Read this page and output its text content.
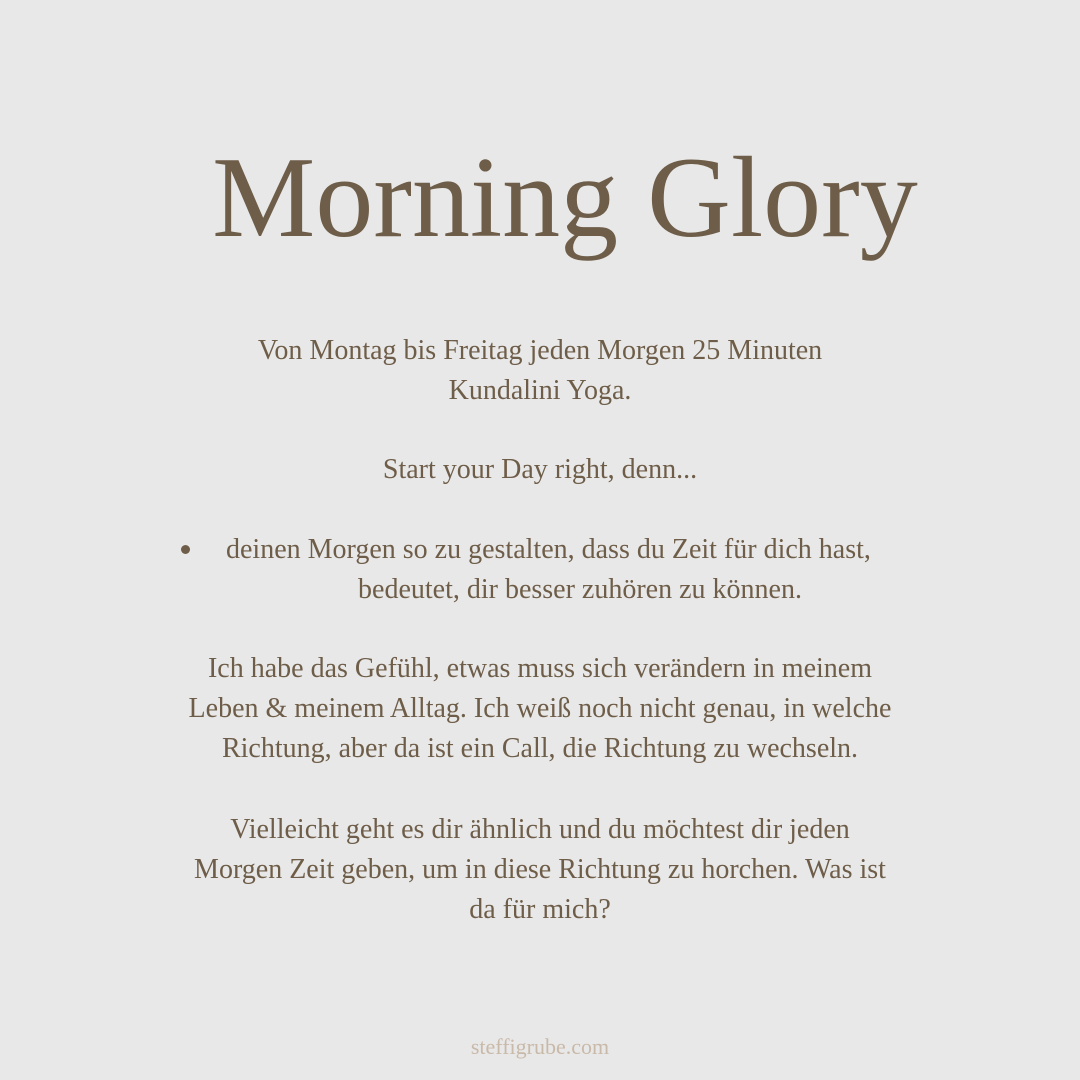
Morning Glory
Von Montag bis Freitag jeden Morgen 25 Minuten
Kundalini Yoga.
Start your Day right, denn...
deinen Morgen so zu gestalten, dass du Zeit für dich hast,
bedeutet, dir besser zuhören zu können.
Ich habe das Gefühl, etwas muss sich verändern in meinem
Leben & meinem Alltag. Ich weiß noch nicht genau, in welche
Richtung, aber da ist ein Call, die Richtung zu wechseln.
Vielleicht geht es dir ähnlich und du möchtest dir jeden
Morgen Zeit geben, um in diese Richtung zu horchen. Was ist
da für mich?
steffigrube.com
